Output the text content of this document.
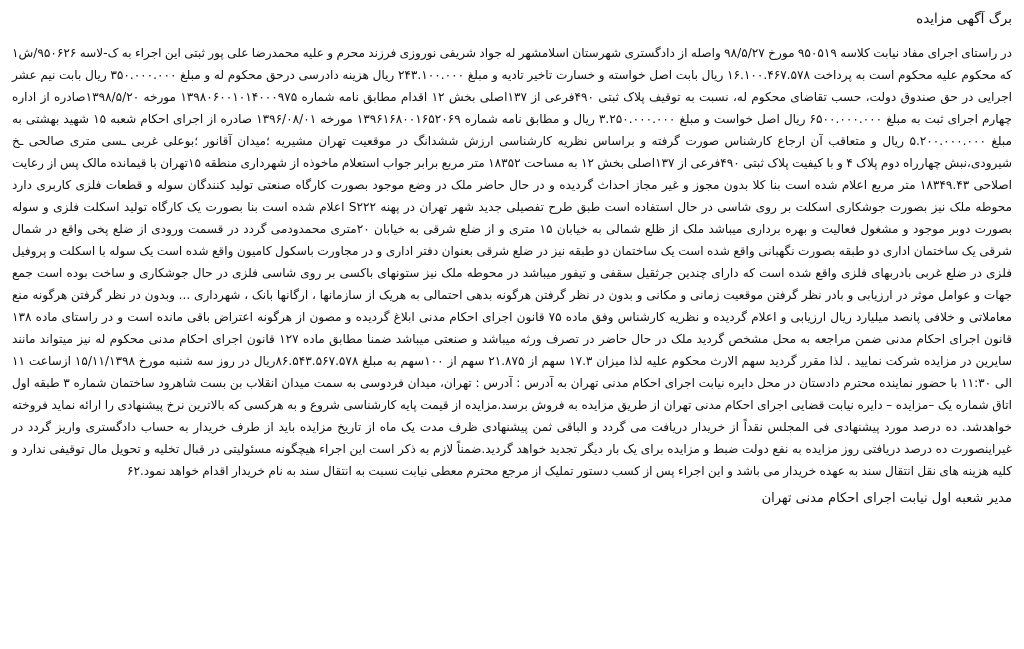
برگ آگهی مزایده

در راستای اجرای مفاد نیابت کلاسه ۹۵۰۵۱۹ مورخ ۹۸/۵/۲۷ واصله از دادگستری شهرستان اسلامشهر له جواد شریفی نوروزی فرزند محرم و علیه محمدرضا علی پور ثبتی این اجراء به ک-لاسه ۹۵۰۶۲۶/ش۱ که محکوم علیه محکوم است به پرداخت ۱۶.۱۰۰.۴۶۷.۵۷۸ ریال بابت اصل خواسته و خسارت تاخیر تادیه و مبلغ ۲۴۳.۱۰۰.۰۰۰ ریال هزینه دادرسی درحق محکوم له و مبلغ ۳۵۰.۰۰۰.۰۰۰ ریال بابت نیم عشر اجرایی در حق صندوق دولت، حسب تقاضای محکوم له، نسبت به توقیف پلاک ثبتی ۴۹۰فرعی از ۱۳۷اصلی بخش ۱۲ اقدام مطابق نامه شماره ۱۳۹۸۰۶۰۰۱۰۱۴۰۰۰۹۷۵ مورخه ۱۳۹۸/۵/۲۰صادره از اداره چهارم اجرای ثبت به مبلغ ۶۵۰۰.۰۰۰.۰۰۰ ریال اصل خواست و مبلغ ۳.۲۵۰.۰۰۰.۰۰۰ ریال و مطابق نامه شماره ۱۳۹۶۱۶۸۰۰۱۶۵۲۰۶۹ مورخه ۱۳۹۶/۰۸/۰۱ صادره از اجرای احکام شعبه ۱۵ شهید بهشتی به مبلغ ۵.۲۰۰.۰۰۰.۰۰۰ ریال و متعاقب آن ارجاع کارشناس صورت گرفته و براساس نظریه کارشناسی ارزش ششدانگ در موقعیت تهران مشیریه ؛میدان آقانور ؛بوعلی غربی ـسی متری صالحی ـخ شیرودی،نبش چهارراه دوم پلاک ۴ و با کیفیت پلاک ثبتی ۴۹۰فرعی از ۱۳۷اصلی بخش ۱۲ به مساحت ۱۸۳۵۲ متر مربع برابر جواب استعلام ماخوذه از شهرداری منطقه ۱۵تهران با قیمانده مالک پس از رعایت اصلاحی ۱۸۳۴۹.۴۳ متر مربع اعلام شده است بنا کلا بدون مجوز و غیر مجاز احداث گردیده و در حال حاضر ملک در وضع موجود بصورت کارگاه صنعتی تولید کنندگان سوله و قطعات فلزی کاربری دارد محوطه ملک نیز بصورت جوشکاری اسکلت بر روی شاسی در حال استفاده است طبق طرح تفصیلی جدید شهر تهران در پهنه S۲۲۲ اعلام شده است بنا بصورت یک کارگاه تولید اسکلت فلزی و سوله بصورت دوبر موجود و مشغول فعالیت و بهره برداری میباشد ملک از ظلع شمالی به خیابان ۱۵ متری و از ضلع شرقی به خیابان ۲۰متری محمدودمی گردد در قسمت ورودی از ضلع پخی واقع در شمال شرقی یک ساختمان اداری دو طبقه بصورت نگهبانی واقع شده است یک ساختمان دو طبقه نیز در ضلع شرقی بعنوان دفتر اداری و در مجاورت باسکول کامیون واقع شده است یک سوله با اسکلت و پروفیل فلزی در ضلع غربی بادربهای فلزی واقع شده است که دارای چندین جرثقیل سقفی و تیفور میباشد در محوطه ملک نیز ستونهای باکسی بر روی شاسی فلزی در حال جوشکاری و ساخت بوده است جمع جهات و عوامل موثر در ارزیابی و بادر نظر گرفتن موقعیت زمانی و مکانی و بدون در نظر گرفتن هرگونه بدهی احتمالی به هریک از سازمانها ، ارگانها بانک ، شهرداری ... وبدون در نظر گرفتن هرگونه منع معاملاتی و خلافی پانصد میلیارد ریال ارزیابی و اعلام گردیده و نظریه کارشناس وفق ماده ۷۵ قانون اجرای احکام مدنی ابلاغ گردیده و مصون از هرگونه اعتراض باقی مانده است و در راستای ماده ۱۳۸ قانون اجرای احکام مدنی ضمن مراجعه به محل مشخص گردید ملک در حال حاضر در تصرف ورثه میباشد و صنعتی میباشد ضمنا مطابق ماده ۱۲۷ قانون اجرای احکام مدنی محکوم له نیز میتواند مانند سایرین در مزایده شرکت نمایید . لذا مقرر گردید سهم الارث محکوم علیه لذا میزان ۱۷.۳ سهم از ۲۱.۸۷۵ سهم از ۱۰۰سهم به مبلغ ۸۶.۵۴۳.۵۶۷.۵۷۸ریال در روز سه شنبه مورخ ۱۵/۱۱/۱۳۹۸ ازساعت ۱۱ الی ۱۱:۳۰ با حضور نماینده محترم دادستان در محل دایره نیابت اجرای احکام مدنی تهران به آدرس : آدرس : تهران، میدان فردوسی به سمت میدان انقلاب بن بست شاهرود ساختمان شماره ۳ طبقه اول اتاق شماره یک –مزایده – دایره نیابت قضایی اجرای احکام مدنی تهران از طریق مزایده به فروش برسد.مزایده از قیمت پایه کارشناسی شروع و به هرکسی که بالاترین نرخ پیشنهادی را ارائه نماید فروخته خواهدشد. ده درصد مورد پیشنهادی فی المجلس نقداً از خریدار دریافت می گردد و الباقی ثمن پیشنهادی ظرف مدت یک ماه از تاریخ مزایده باید از طرف خریدار به حساب دادگستری واریز گردد در غیراینصورت ده درصد دریافتی روز مزایده به نفع دولت ضبط و مزایده برای یک بار دیگر تجدید خواهد گردید.ضمناً لازم به ذکر است این اجراء هیچگونه مسئولیتی در قبال تخلیه و تحویل مال توقیفی ندارد و کلیه هزینه های نقل انتقال سند به عهده خریدار می باشد و این اجراء پس از کسب دستور تملیک از مرجع محترم معطی نیابت نسبت به انتقال سند به نام خریدار اقدام خواهد نمود.۶۲

مدیر شعبه اول نیابت اجرای احکام مدنی تهران
